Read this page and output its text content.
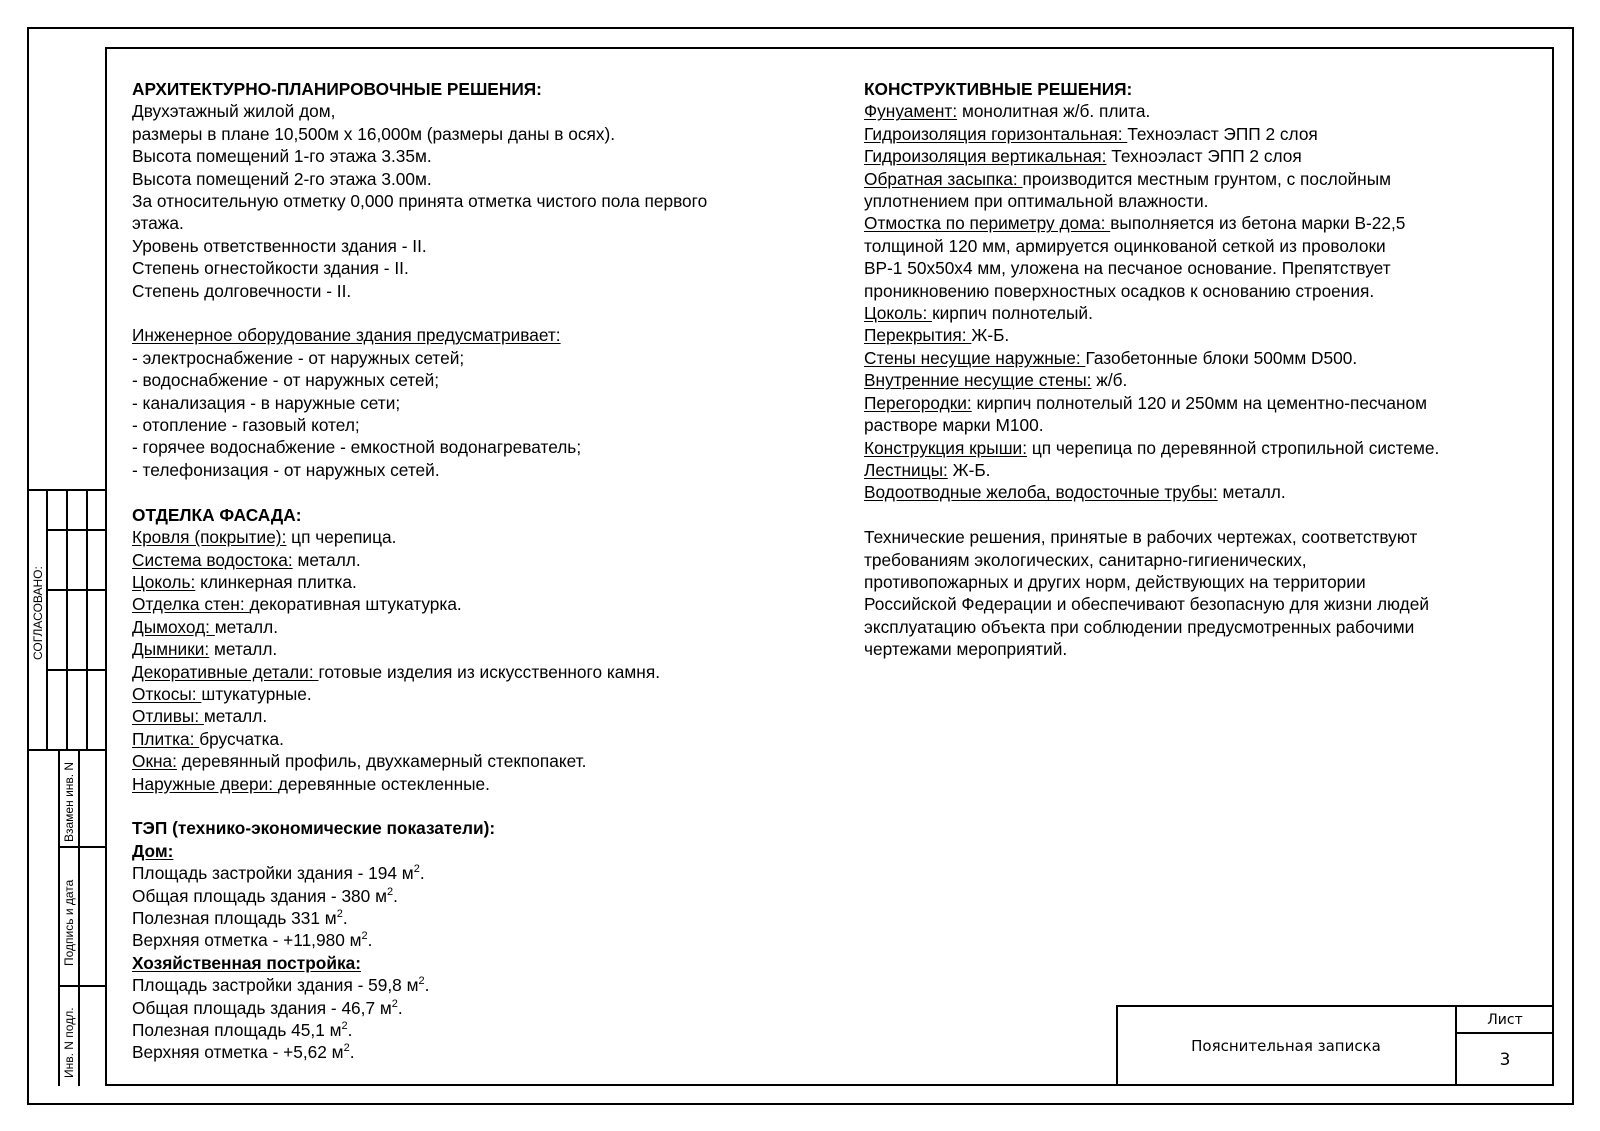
АРХИТЕКТУРНО-ПЛАНИРОВОЧНЫЕ РЕШЕНИЯ:
Двухэтажный жилой дом,
размеры в плане 10,500м х 16,000м (размеры даны в осях).
Высота помещений 1-го этажа 3.35м.
Высота помещений 2-го этажа 3.00м.
За относительную отметку 0,000 принята отметка чистого пола первого
этажа.
Уровень ответственности здания - II.
Степень огнестойкости здания - II.
Степень долговечности - II.
Инженерное оборудование здания предусматривает:
- электроснабжение - от наружных сетей;
- водоснабжение - от наружных сетей;
- канализация - в наружные сети;
- отопление - газовый котел;
- горячее водоснабжение - емкостной водонагреватель;
- телефонизация - от наружных сетей.
ОТДЕЛКА ФАСАДА:
Кровля (покрытие): цп черепица.
Система водостока: металл.
Цоколь: клинкерная плитка.
Отделка стен: декоративная штукатурка.
Дымоход: металл.
Дымники: металл.
Декоративные детали: готовые изделия из искусственного камня.
Откосы: штукатурные.
Отливы: металл.
Плитка: брусчатка.
Окна: деревянный профиль, двухкамерный стекпопакет.
Наружные двери: деревянные остекленные.
ТЭП (технико-экономические показатели):
Дом:
Площадь застройки здания - 194 $м^2$.
Общая площадь здания - 380 $м^2$.
Полезная площадь 331 $м^2$.
Верхняя отметка - +11,980 $м^2$.
Хозяйственная постройка:
Площадь застройки здания - 59,8 $м^2$.
Общая площадь здания - 46,7 $м^2$.
Полезная площадь 45,1 $м^2$.
Верхняя отметка - +5,62 $м^2$.
КОНСТРУКТИВНЫЕ РЕШЕНИЯ:
Фунуамент: монолитная ж/б. плита.
Гидроизоляция горизонтальная: Техноэласт ЭПП 2 слоя
Гидроизоляция вертикальная: Техноэласт ЭПП 2 слоя
Обратная засыпка: производится местным грунтом, с послойным
уплотнением при оптимальной влажности.
Отмостка по периметру дома: выполняется из бетона марки В-22,5
толщиной 120 мм, армируется оцинкованой сеткой из проволоки
ВР-1 50х50х4 мм, уложена на песчаное основание. Препятствует
проникновению поверхностных осадков к основанию строения.
Цоколь: кирпич полнотелый.
Перекрытия: Ж-Б.
Стены несущие наружные: Газобетонные блоки 500мм D500.
Внутренние несущие стены: ж/б.
Перегородки: кирпич полнотелый 120 и 250мм на цементно-песчаном
растворе марки М100.
Конструкция крыши: цп черепица по деревянной стропильной системе.
Лестницы: Ж-Б.
Водоотводные желоба, водосточные трубы: металл.
Технические решения, принятые в рабочих чертежах, соответствуют
требованиям экологических, санитарно-гигиенических,
противопожарных и других норм, действующих на территории
Российской Федерации и обеспечивают безопасную для жизни людей
эксплуатацию объекта при соблюдении предусмотренных рабочими
чертежами мероприятий.
СОГЛАСОВАНО:
Взамен инв. N
Подпись и дата
Инв. N подл.	Пояснительная записка
Лист
3
